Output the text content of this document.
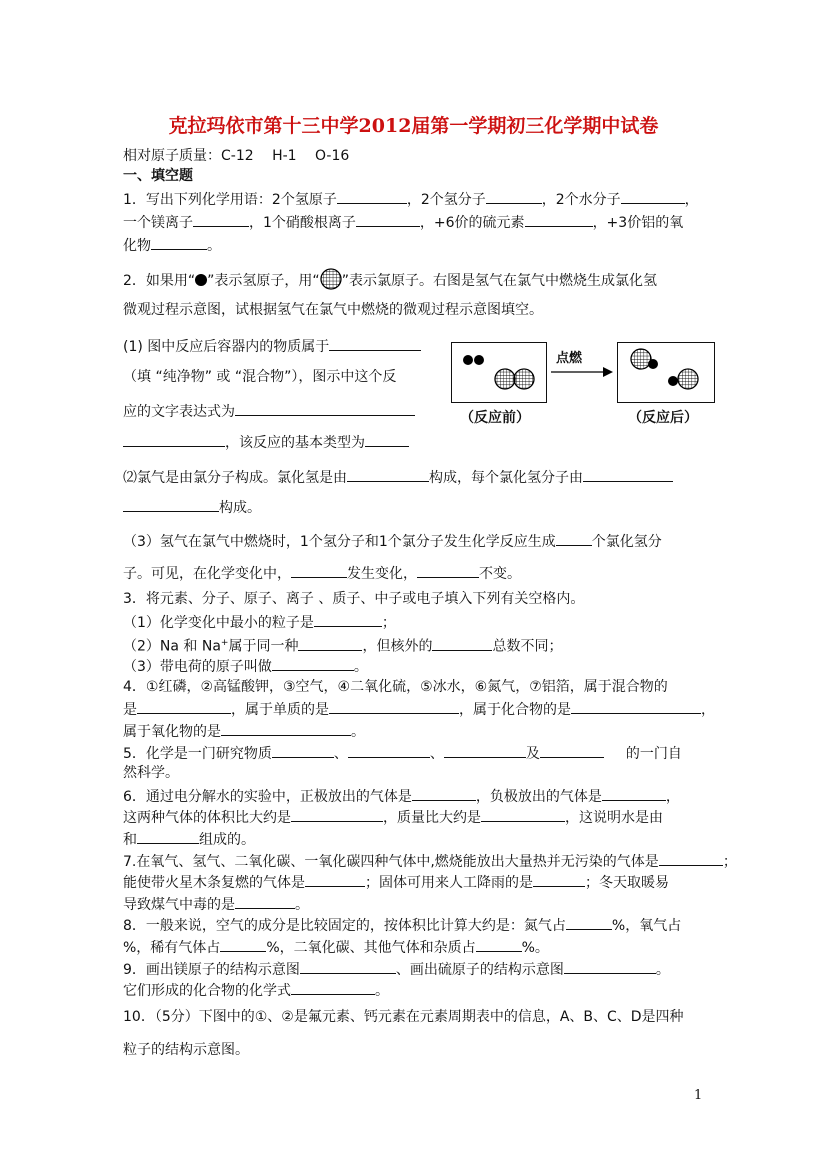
克拉玛依市第十三中学2012届第一学期初三化学期中试卷
相对原子质量：C-12　 H-1　 O-16
一、填空题
1．写出下列化学用语：2个氢原子	，2个氢分子	，2个水分子	，
一个镁离子	，1个硝酸根离子	，+6价的硫元素	，+3价铝的氧
化物	。
2．如果用“ ”表示氢原子，用“ ”表示氯原子。右图是氢气在氯气中燃烧生成氯化氢
微观过程示意图，试根据氢气在氯气中燃烧的微观过程示意图填空。
(1) 图中反应后容器内的物质属于
（填 “纯净物” 或 “混合物”），图示中这个反
应的文字表达式为
，该反应的基本类型为
点燃
（反应前）	（反应后）
⑵氯气是由氯分子构成。氯化氢是由	构成，每个氯化氢分子由
构成。
（3）氢气在氯气中燃烧时，1个氢分子和1个氯分子发生化学反应生成	个氯化氢分
子。可见，在化学变化中，	发生变化，	不变。
3．将元素、分子、原子、离子 、质子、中子或电子填入下列有关空格内。
（1）化学变化中最小的粒子是	；
（2）Na 和 Na+属于同一种	，但核外的	总数不同；
（3）带电荷的原子叫做	。
4．①红磷，②高锰酸钾，③空气，④二氧化硫，⑤冰水，⑥氮气，⑦铝箔，属于混合物的
是	，属于单质的是	，属于化合物的是	，
属于氧化物的是	。
5．化学是一门研究物质	、	、	及	的一门自
然科学。
6．通过电分解水的实验中，正极放出的气体是	，负极放出的气体是	，
这两种气体的体积比大约是	，质量比大约是	，这说明水是由
和	组成的。
7.在氧气、氢气、二氧化碳、一氧化碳四种气体中,燃烧能放出大量热并无污染的气体是	；
能使带火星木条复燃的气体是	；固体可用来人工降雨的是	；冬天取暖易
导致煤气中毒的是	。
8．一般来说，空气的成分是比较固定的，按体积比计算大约是：氮气占	%，氧气占
%，稀有气体占	%，二氧化碳、其他气体和杂质占	%。
9．画出镁原子的结构示意图	、画出硫原子的结构示意图	。
它们形成的化合物的化学式	。
10．（5分）下图中的①、②是氟元素、钙元素在元素周期表中的信息，A、B、C、D是四种
粒子的结构示意图。
1
